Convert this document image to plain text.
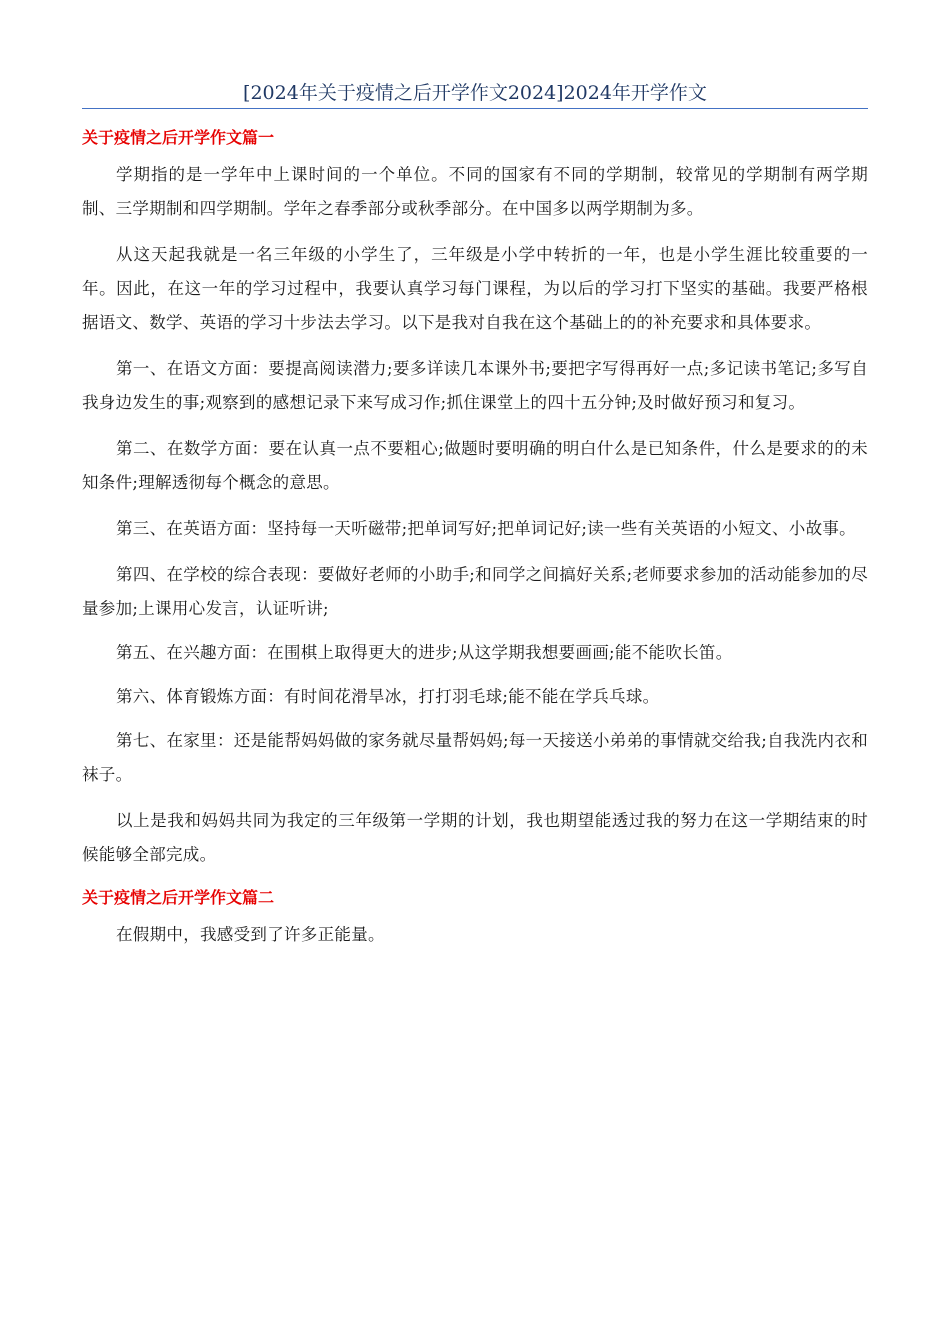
[2024年关于疫情之后开学作文2024]2024年开学作文
关于疫情之后开学作文篇一

学期指的是一学年中上课时间的一个单位。不同的国家有不同的学期制，较常见的学期制有两学期制、三学期制和四学期制。学年之春季部分或秋季部分。在中国多以两学期制为多。

从这天起我就是一名三年级的小学生了，三年级是小学中转折的一年，也是小学生涯比较重要的一年。因此，在这一年的学习过程中，我要认真学习每门课程，为以后的学习打下坚实的基础。我要严格根据语文、数学、英语的学习十步法去学习。以下是我对自我在这个基础上的的补充要求和具体要求。

第一、在语文方面：要提高阅读潜力;要多详读几本课外书;要把字写得再好一点;多记读书笔记;多写自我身边发生的事;观察到的感想记录下来写成习作;抓住课堂上的四十五分钟;及时做好预习和复习。

第二、在数学方面：要在认真一点不要粗心;做题时要明确的明白什么是已知条件，什么是要求的的未知条件;理解透彻每个概念的意思。

第三、在英语方面：坚持每一天听磁带;把单词写好;把单词记好;读一些有关英语的小短文、小故事。

第四、在学校的综合表现：要做好老师的小助手;和同学之间搞好关系;老师要求参加的活动能参加的尽量参加;上课用心发言，认证听讲;

第五、在兴趣方面：在围棋上取得更大的进步;从这学期我想要画画;能不能吹长笛。

第六、体育锻炼方面：有时间花滑旱冰，打打羽毛球;能不能在学兵乓球。

第七、在家里：还是能帮妈妈做的家务就尽量帮妈妈;每一天接送小弟弟的事情就交给我;自我洗内衣和袜子。

以上是我和妈妈共同为我定的三年级第一学期的计划，我也期望能透过我的努力在这一学期结束的时候能够全部完成。

关于疫情之后开学作文篇二

在假期中，我感受到了许多正能量。
